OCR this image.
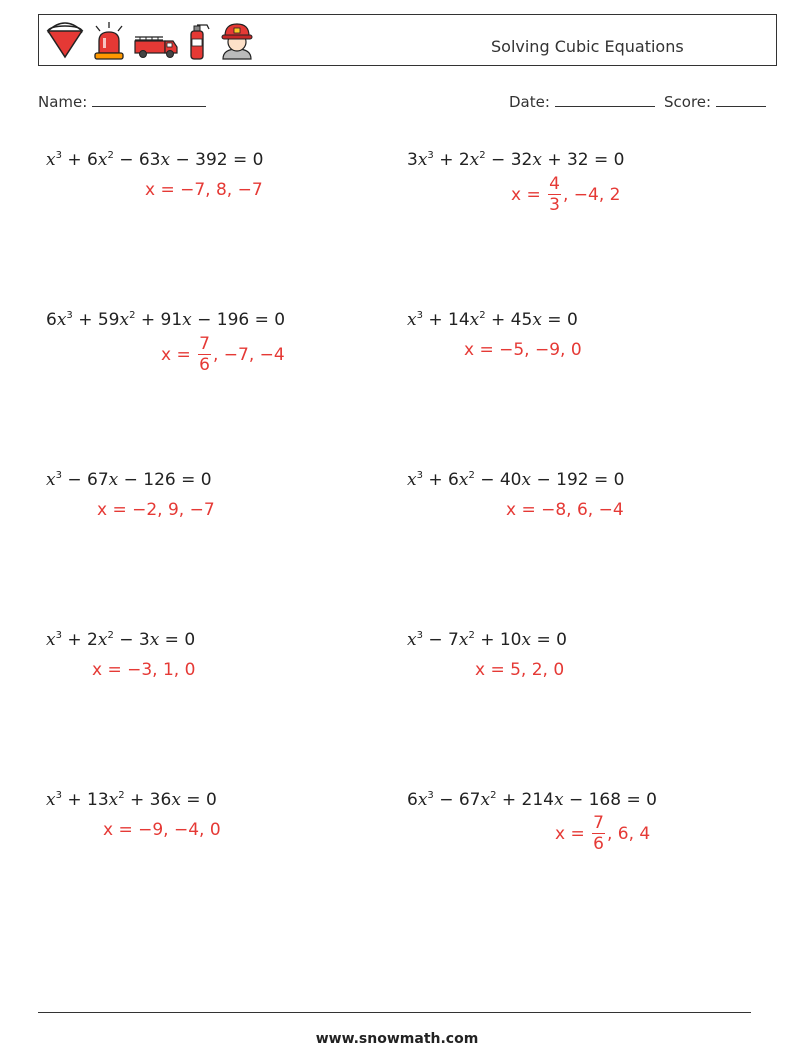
Solving Cubic Equations
Name:	Date:	Score:
$x^3 + 6x^2 - 63x - 392 = 0$
x = −7, 8, −7
$3x^3 + 2x^2 - 32x + 32 = 0$
$x = \frac{4}{3}$ , −4, 2
$6x^3 + 59x^2 + 91x - 196 = 0$
$x = \frac{7}{6}$ , −7, −4
$x^3 + 14x^2 + 45x = 0$
x = −5, −9, 0
$x^3 - 67x - 126 = 0$
x = −2, 9, −7
$x^3 + 6x^2 - 40x - 192 = 0$
x = −8, 6, −4
$x^3 + 2x^2 - 3x = 0$
x = −3, 1, 0
$x^3 - 7x^2 + 10x = 0$
x = 5, 2, 0
$x^3 + 13x^2 + 36x = 0$
x = −9, −4, 0
$6x^3 - 67x^2 + 214x - 168 = 0$
$x = \frac{7}{6}$ , 6, 4
www.snowmath.com
